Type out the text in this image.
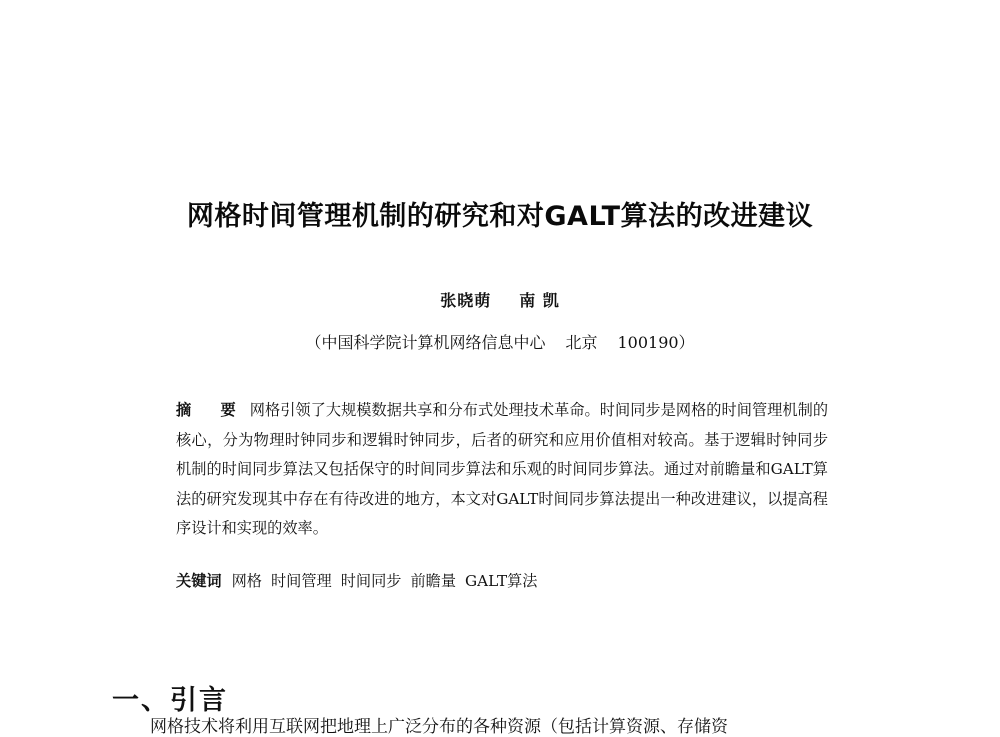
网格时间管理机制的研究和对GALT算法的改进建议
张晓萌 南 凯
（中国科学院计算机网络信息中心 北京 100190）
摘 要 网格引领了大规模数据共享和分布式处理技术革命。时间同步是网格的时间管理机制的核心，分为物理时钟同步和逻辑时钟同步，后者的研究和应用价值相对较高。基于逻辑时钟同步机制的时间同步算法又包括保守的时间同步算法和乐观的时间同步算法。通过对前瞻量和GALT算法的研究发现其中存在有待改进的地方，本文对GALT时间同步算法提出一种改进建议，以提高程序设计和实现的效率。
关键词 网格 时间管理 时间同步 前瞻量 GALT算法
一、引言
网格技术将利用互联网把地理上广泛分布的各种资源（包括计算资源、存储资
